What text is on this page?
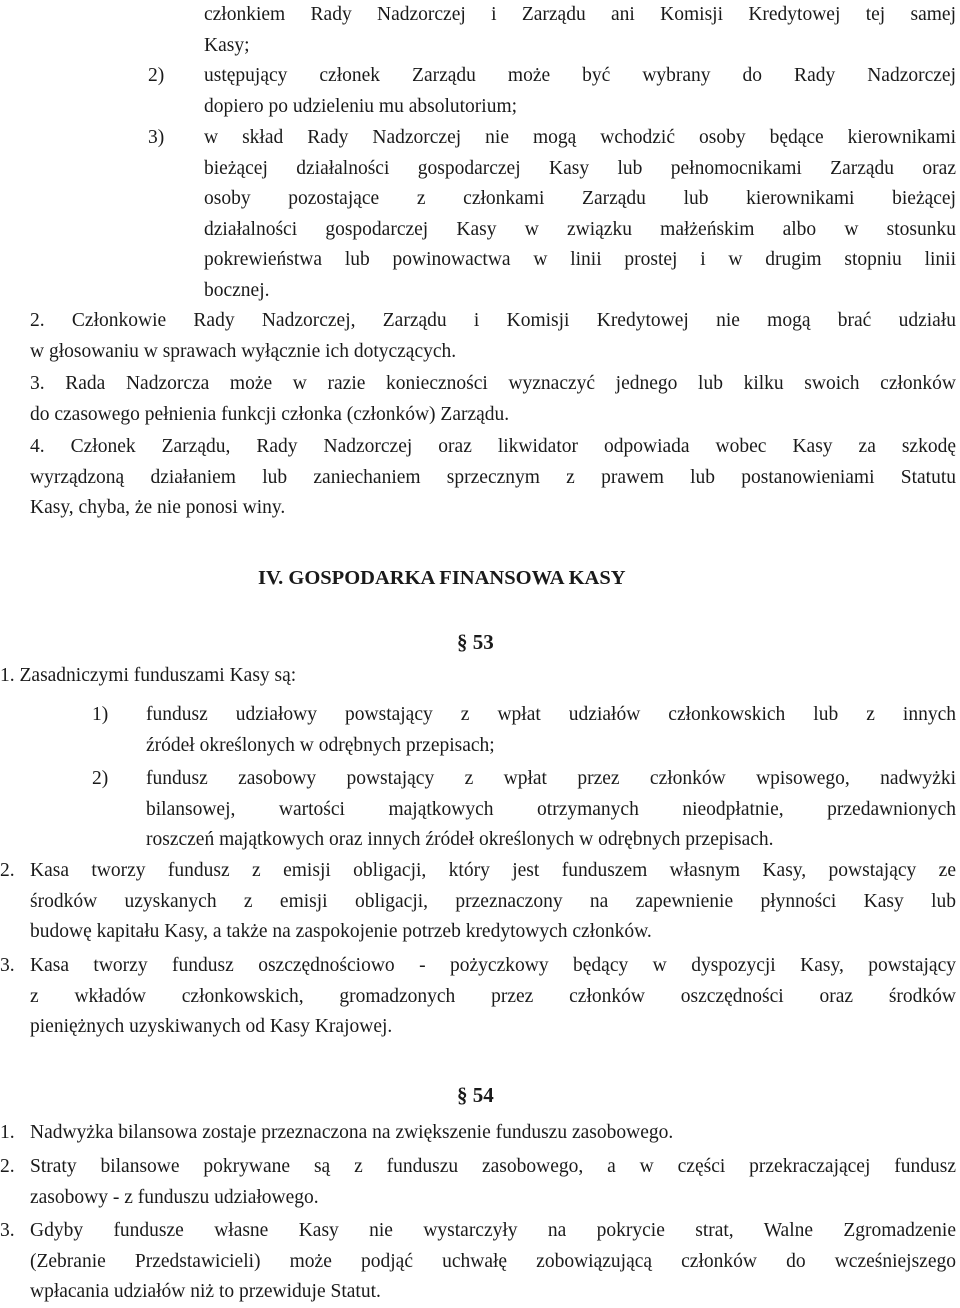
członkiem Rady Nadzorczej i Zarządu ani Komisji Kredytowej tej samej
Kasy;
2) ustępujący członek Zarządu może być wybrany do Rady Nadzorczej
dopiero po udzieleniu mu absolutorium;
3) w skład Rady Nadzorczej nie mogą wchodzić osoby będące kierownikami
bieżącej działalności gospodarczej Kasy lub pełnomocnikami Zarządu oraz
osoby pozostające z członkami Zarządu lub kierownikami bieżącej
działalności gospodarczej Kasy w związku małżeńskim albo w stosunku
pokrewieństwa lub powinowactwa w linii prostej i w drugim stopniu linii
bocznej.
2. Członkowie Rady Nadzorczej, Zarządu i Komisji Kredytowej nie mogą brać udziału
w głosowaniu w sprawach wyłącznie ich dotyczących.
3. Rada Nadzorcza może w razie konieczności wyznaczyć jednego lub kilku swoich członków
do czasowego pełnienia funkcji członka (członków) Zarządu.
4. Członek Zarządu, Rady Nadzorczej oraz likwidator odpowiada wobec Kasy za szkodę
wyrządzoną działaniem lub zaniechaniem sprzecznym z prawem lub postanowieniami Statutu
Kasy, chyba, że nie ponosi winy.
IV. GOSPODARKA FINANSOWA KASY
§ 53
1. Zasadniczymi funduszami Kasy są:
1) fundusz udziałowy powstający z wpłat udziałów członkowskich lub z innych
źródeł określonych w odrębnych przepisach;
2) fundusz zasobowy powstający z wpłat przez członków wpisowego, nadwyżki
bilansowej, wartości majątkowych otrzymanych nieodpłatnie, przedawnionych
roszczeń majątkowych oraz innych źródeł określonych w odrębnych przepisach.
2. Kasa tworzy fundusz z emisji obligacji, który jest funduszem własnym Kasy, powstający ze
środków uzyskanych z emisji obligacji, przeznaczony na zapewnienie płynności Kasy lub
budowę kapitału Kasy, a także na zaspokojenie potrzeb kredytowych członków.
3. Kasa tworzy fundusz oszczędnościowo - pożyczkowy będący w dyspozycji Kasy, powstający
z wkładów członkowskich, gromadzonych przez członków oszczędności oraz środków
pieniężnych uzyskiwanych od Kasy Krajowej.
§ 54
1. Nadwyżka bilansowa zostaje przeznaczona na zwiększenie funduszu zasobowego.
2. Straty bilansowe pokrywane są z funduszu zasobowego, a w części przekraczającej fundusz
zasobowy - z funduszu udziałowego.
3. Gdyby fundusze własne Kasy nie wystarczyły na pokrycie strat, Walne Zgromadzenie
(Zebranie Przedstawicieli) może podjąć uchwałę zobowiązującą członków do wcześniejszego
wpłacania udziałów niż to przewiduje Statut.
